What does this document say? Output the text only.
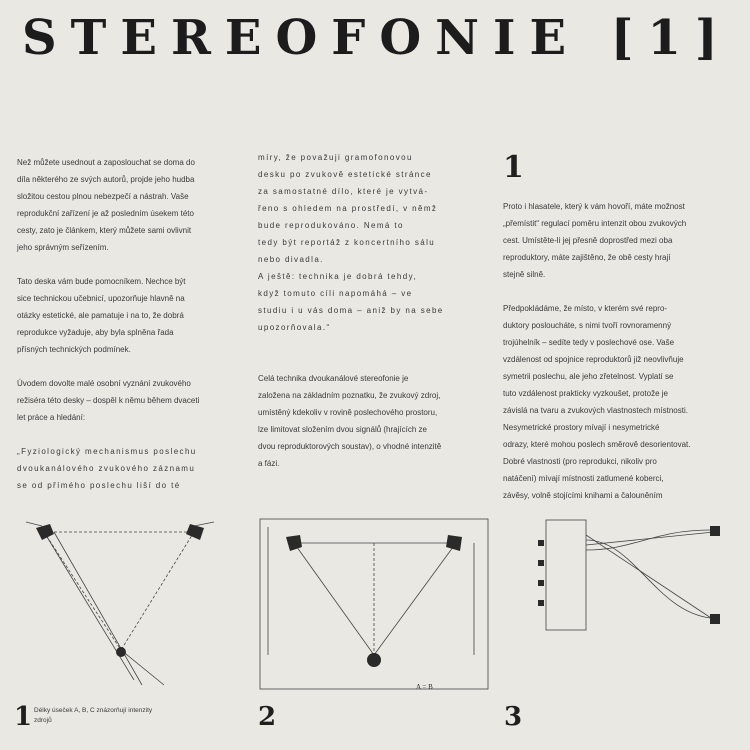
STEREOFONIE [1]

Než můžete usednout a zaposlouchat se doma do
díla některého ze svých autorů, projde jeho hudba
složitou cestou plnou nebezpečí a nástrah. Vaše
reprodukční zařízení je až posledním úsekem této
cesty, zato je článkem, který můžete sami ovlivnit
jeho správným seřízením.

Tato deska vám bude pomocníkem. Nechce být
sice technickou učebnicí, upozorňuje hlavně na
otázky estetické, ale pamatuje i na to, že dobrá
reprodukce vyžaduje, aby byla splněna řada
přísných technických podmínek.

Úvodem dovolte malé osobní vyznání zvukového
režiséra této desky – dospěl k němu během dvaceti
let práce a hledání:

„Fyziologický mechanismus poslechu
dvoukanálového zvukového záznamu
se od přímého poslechu liší do té

míry, že považuji gramofonovou
desku po zvukově estetické stránce
za samostatné dílo, které je vytvá-
řeno s ohledem na prostředí, v němž
bude reprodukováno. Nemá to
tedy být reportáž z koncertního sálu
nebo divadla.
A ještě: technika je dobrá tehdy,
když tomuto cíli napomáhá – ve
studiu i u vás doma – aniž by na sebe
upozorňovala.“

Celá technika dvoukanálové stereofonie je
založena na základním poznatku, že zvukový zdroj,
umístěný kdekoliv v rovině poslechového prostoru,
lze limitovat složením dvou signálů (hrajících ze
dvou reproduktorových soustav), o vhodné intenzitě
a fázi.

1

Proto i hlasatele, který k vám hovoří, máte možnost
„přemístit“ regulací poměru intenzit obou zvukových
cest. Umístěte-li jej přesně doprostřed mezi oba
reproduktory, máte zajištěno, že obě cesty hrají
stejně silně.

Předpokládáme, že místo, v kterém své repro-
duktory posloucháte, s nimi tvoří rovnoramenný
trojúhelník – sedíte tedy v poslechové ose. Vaše
vzdálenost od spojnice reproduktorů již neovlivňuje
symetrii poslechu, ale jeho zřetelnost. Vyplatí se
tuto vzdálenost prakticky vyzkoušet, protože je
závislá na tvaru a zvukových vlastnostech místnosti.
Nesymetrické prostory mívají i nesymetrické
odrazy, které mohou poslech směrově desorientovat.
Dobré vlastnosti (pro reprodukci, nikoliv pro
natáčení) mívají místnosti zatlumené koberci,
závěsy, volně stojícími knihami a čalouněním

1 Délky úseček A, B, C znázorňují intenzity zdrojů
A = B
2	3
